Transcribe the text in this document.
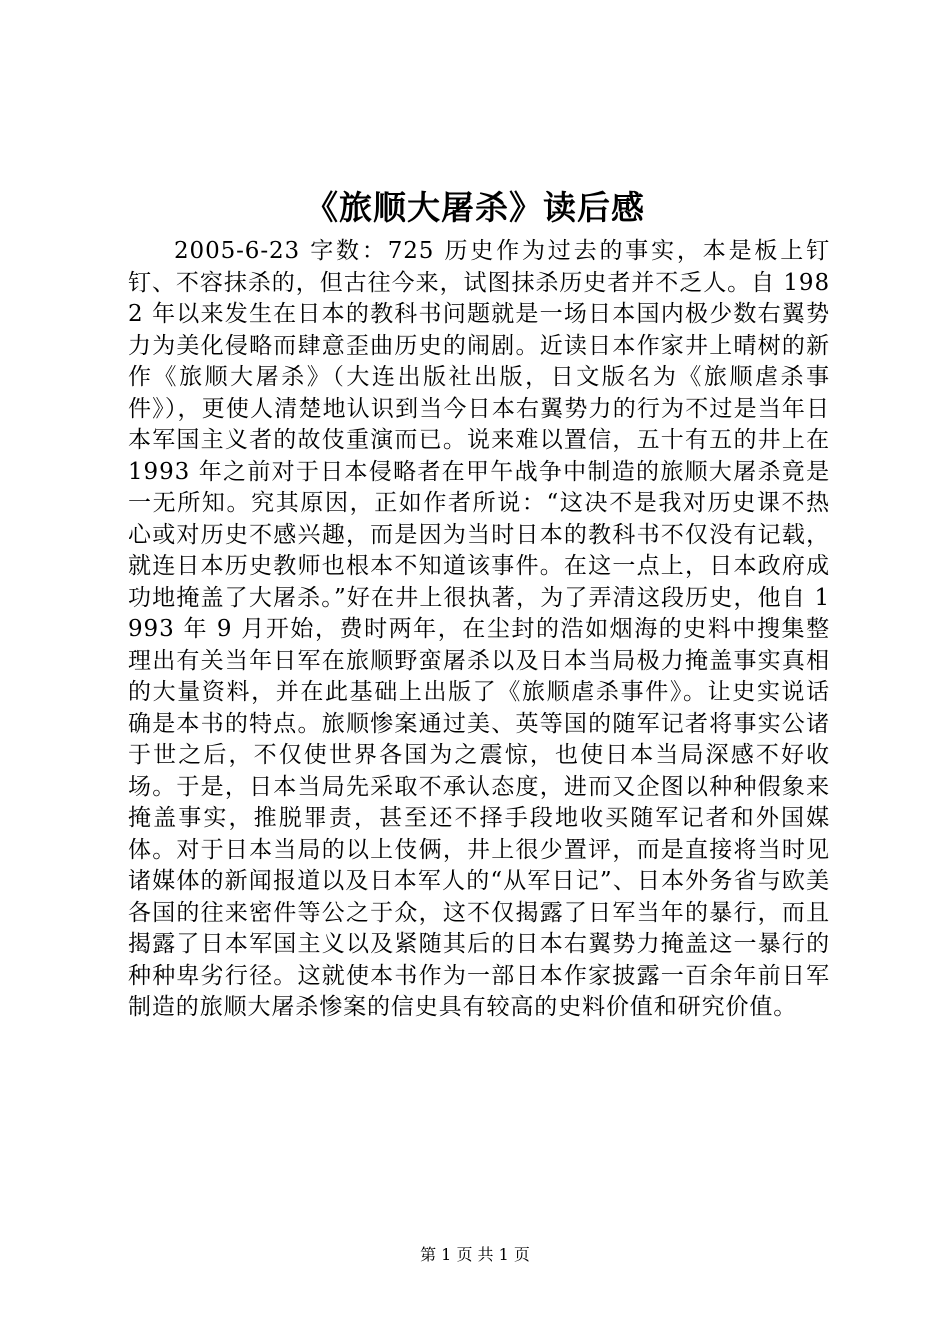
《旅顺大屠杀》读后感

2005-6-23 字数：725 历史作为过去的事实，本是板上钉钉、不容抹杀的，但古往今来，试图抹杀历史者并不乏人。自 1982 年以来发生在日本的教科书问题就是一场日本国内极少数右翼势力为美化侵略而肆意歪曲历史的闹剧。近读日本作家井上晴树的新作《旅顺大屠杀》（大连出版社出版，日文版名为《旅顺虐杀事件》），更使人清楚地认识到当今日本右翼势力的行为不过是当年日本军国主义者的故伎重演而已。说来难以置信，五十有五的井上在 1993 年之前对于日本侵略者在甲午战争中制造的旅顺大屠杀竟是一无所知。究其原因，正如作者所说：“这决不是我对历史课不热心或对历史不感兴趣，而是因为当时日本的教科书不仅没有记载，就连日本历史教师也根本不知道该事件。在这一点上，日本政府成功地掩盖了大屠杀。”好在井上很执著，为了弄清这段历史，他自 1993 年 9 月开始，费时两年，在尘封的浩如烟海的史料中搜集整理出有关当年日军在旅顺野蛮屠杀以及日本当局极力掩盖事实真相的大量资料，并在此基础上出版了《旅顺虐杀事件》。让史实说话确是本书的特点。旅顺惨案通过美、英等国的随军记者将事实公诸于世之后，不仅使世界各国为之震惊，也使日本当局深感不好收场。于是，日本当局先采取不承认态度，进而又企图以种种假象来掩盖事实，推脱罪责，甚至还不择手段地收买随军记者和外国媒体。对于日本当局的以上伎俩，井上很少置评，而是直接将当时见诸媒体的新闻报道以及日本军人的“从军日记”、日本外务省与欧美各国的往来密件等公之于众，这不仅揭露了日军当年的暴行，而且揭露了日本军国主义以及紧随其后的日本右翼势力掩盖这一暴行的种种卑劣行径。这就使本书作为一部日本作家披露一百余年前日军制造的旅顺大屠杀惨案的信史具有较高的史料价值和研究价值。

第 1 页 共 1 页
